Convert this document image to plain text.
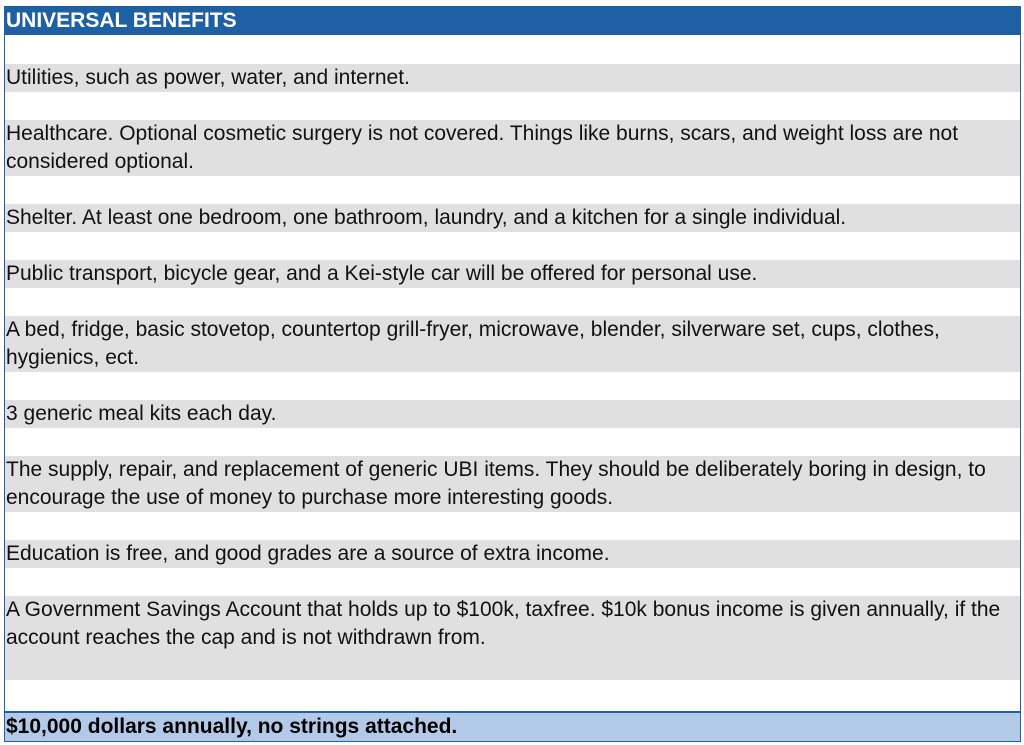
UNIVERSAL BENEFITS
Utilities, such as power, water, and internet.
Healthcare. Optional cosmetic surgery is not covered. Things like burns, scars, and weight loss are not considered optional.
Shelter. At least one bedroom, one bathroom, laundry, and a kitchen for a single individual.
Public transport, bicycle gear, and a Kei-style car will be offered for personal use.
A bed, fridge, basic stovetop, countertop grill-fryer, microwave, blender, silverware set, cups, clothes, hygienics, ect.
3 generic meal kits each day.
The supply, repair, and replacement of generic UBI items. They should be deliberately boring in design, to encourage the use of money to purchase more interesting goods.
Education is free, and good grades are a source of extra income.
A Government Savings Account that holds up to $100k, taxfree. $10k bonus income is given annually, if the account reaches the cap and is not withdrawn from.
$10,000 dollars annually, no strings attached.
